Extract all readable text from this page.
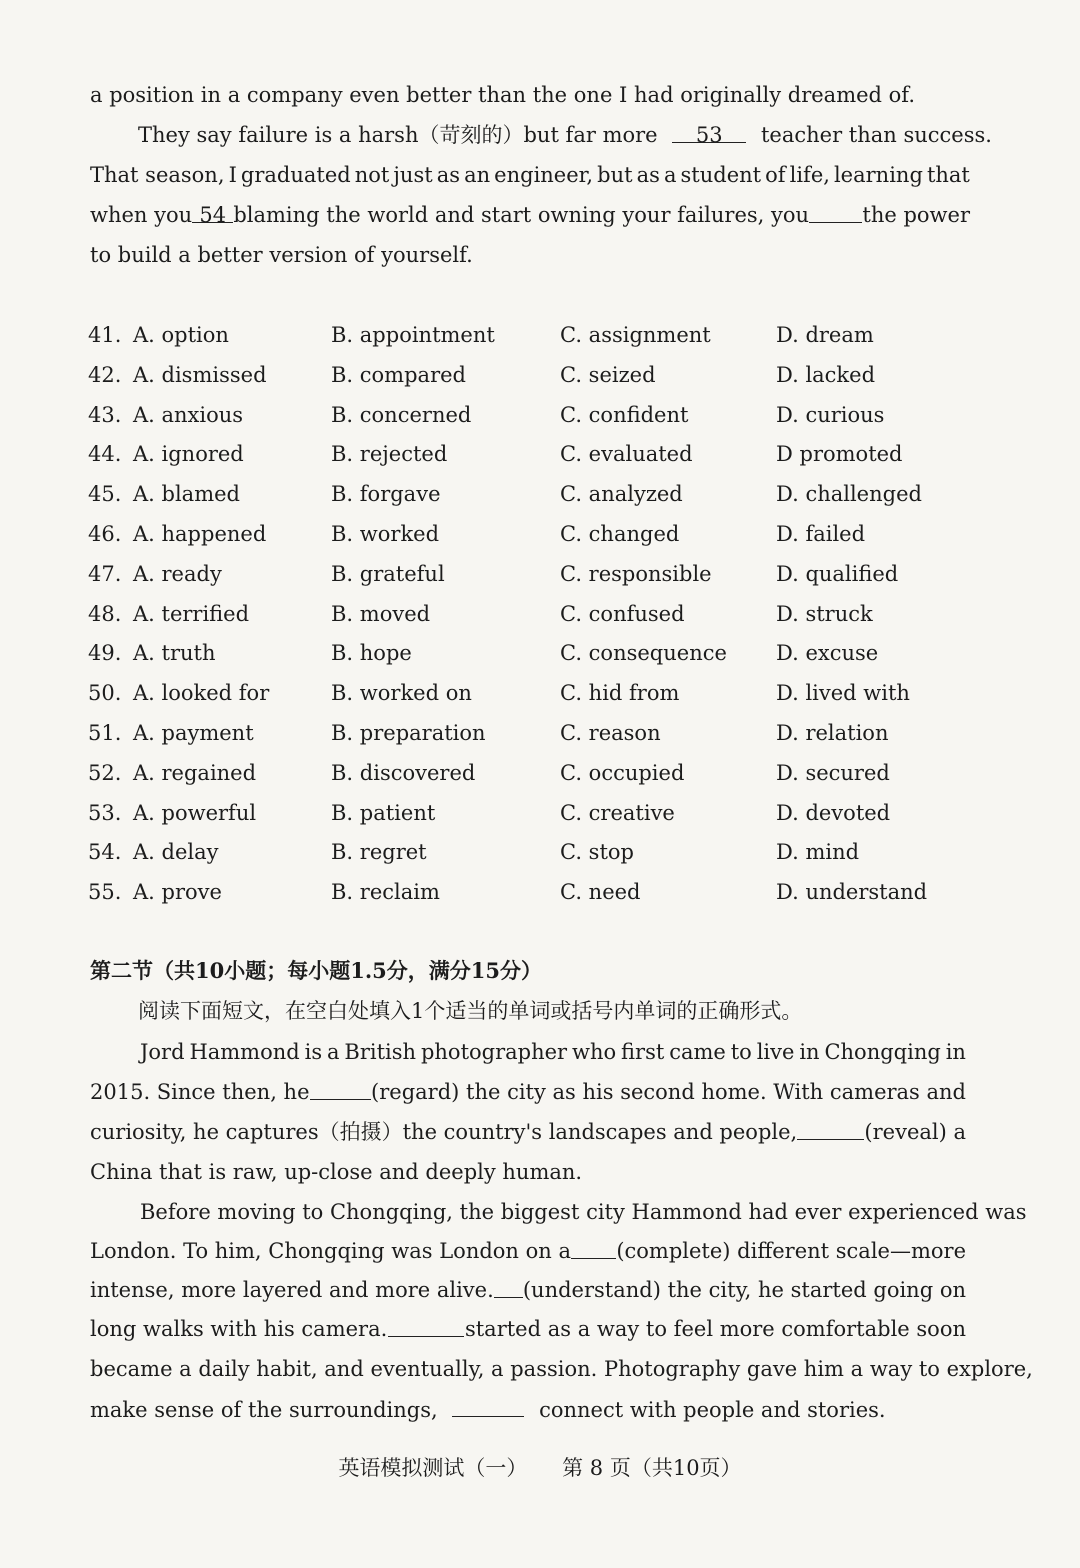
a position in a company even better than the one I had originally dreamed of.
They say failure is a harsh（苛刻的）but far more 53 teacher than success.
That season, I graduated not just as an engineer, but as a student of life, learning that
when you 54 blaming the world and start owning your failures, you	the power
to build a better version of yourself.
41. A. option	B. appointment	C. assignment	D. dream
42. A. dismissed	B. compared	C. seized	D. lacked
43. A. anxious	B. concerned	C. confident	D. curious
44. A. ignored	B. rejected	C. evaluated	D promoted
45. A. blamed	B. forgave	C. analyzed	D. challenged
46. A. happened	B. worked	C. changed	D. failed
47. A. ready	B. grateful	C. responsible	D. qualified
48. A. terrified	B. moved	C. confused	D. struck
49. A. truth	B. hope	C. consequence D. excuse
50. A. looked for	B. worked on	C. hid from	D. lived with
51. A. payment	B. preparation	C. reason	D. relation
52. A. regained	B. discovered	C. occupied	D. secured
53. A. powerful	B. patient	C. creative	D. devoted
54. A. delay	B. regret	C. stop	D. mind
55. A. prove	B. reclaim	C. need	D. understand
第二节（共10小题；每小题1.5分，满分15分）
阅读下面短文，在空白处填入1个适当的单词或括号内单词的正确形式。
Jord Hammond is a British photographer who first came to live in Chongqing in
2015. Since then, he	(regard) the city as his second home. With cameras and
curiosity, he captures（拍摄）the country's landscapes and people,	(reveal) a
China that is raw, up-close and deeply human.
Before moving to Chongqing, the biggest city Hammond had ever experienced was
London. To him, Chongqing was London on a (complete) different scale—more
intense, more layered and more alive. (understand) the city, he started going on
long walks with his camera.	started as a way to feel more comfortable soon
became a daily habit, and eventually, a passion. Photography gave him a way to explore,
make sense of the surroundings,	connect with people and stories.
英语模拟测试（一） 第 8 页（共10页）
